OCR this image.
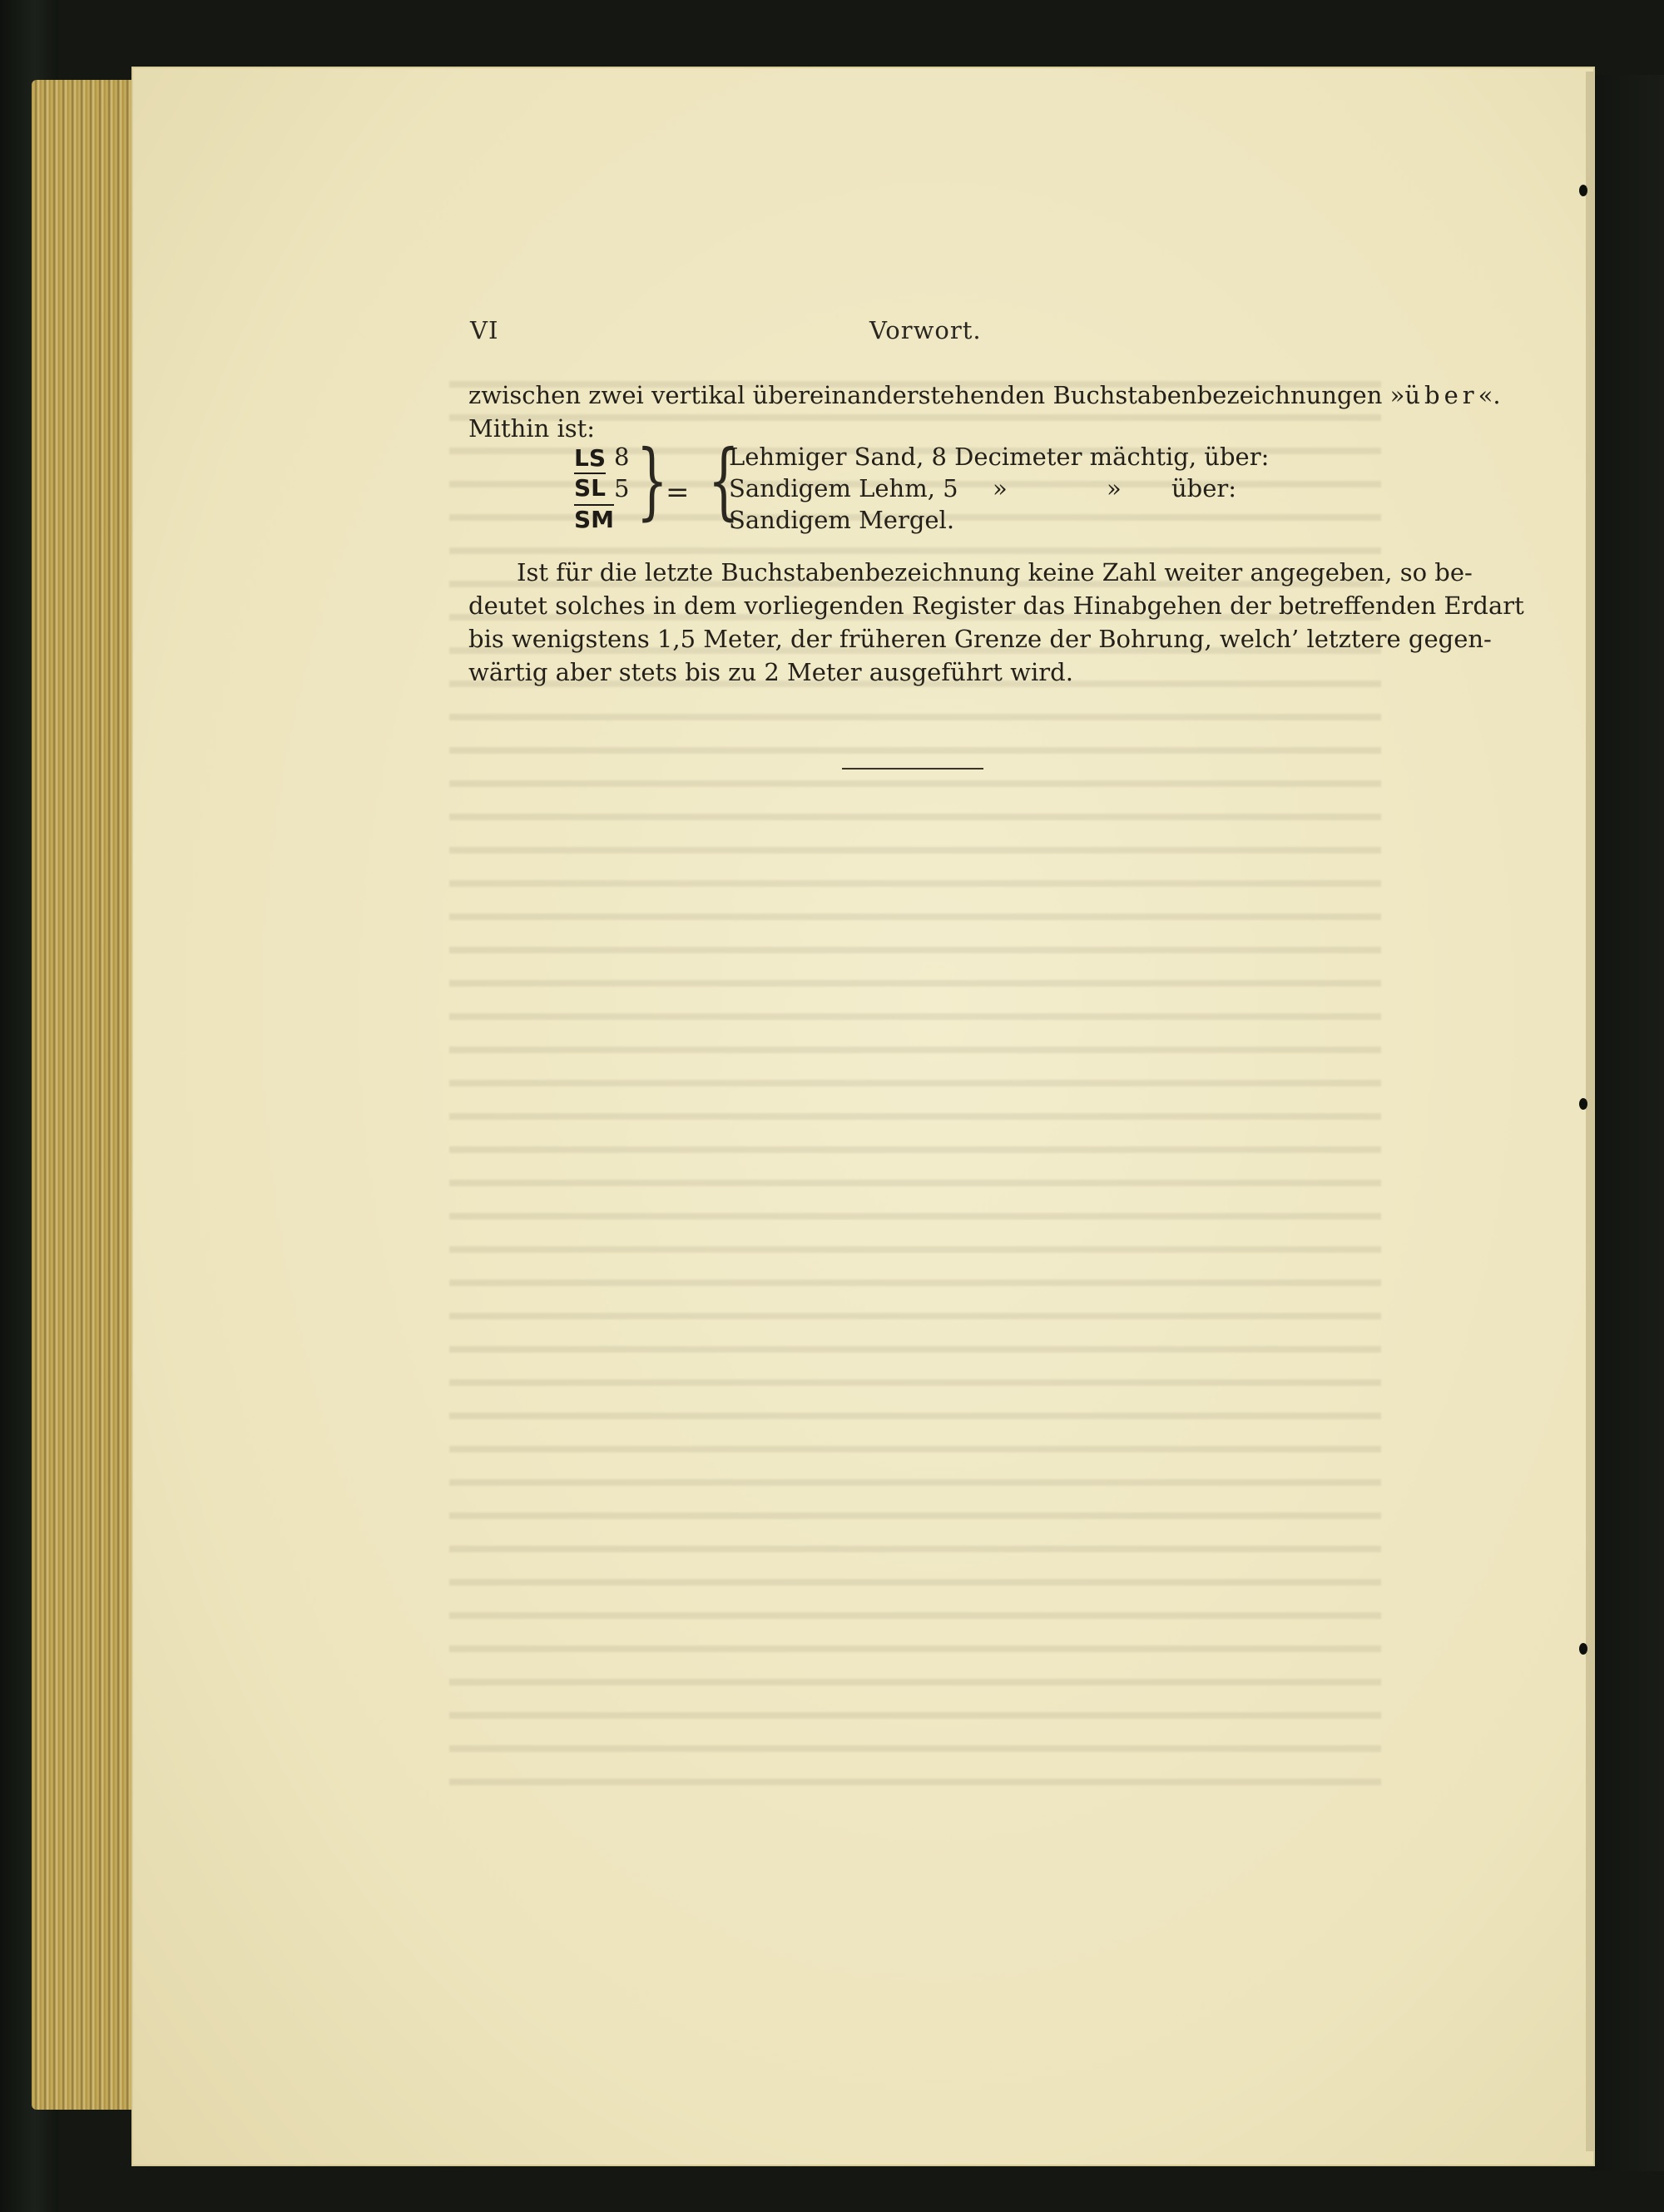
VI	Vorwort.
zwischen zwei vertikal übereinanderstehenden Buchstabenbezeichnungen »über«.
Mithin ist:
LS 8
SL 5
SM }
= {
Lehmiger Sand, 8 Decimeter mächtig, über:
Sandigem Lehm, 5 »	» über:
Sandigem Mergel.
Ist für die letzte Buchstabenbezeichnung keine Zahl weiter angegeben, so be-
deutet solches in dem vorliegenden Register das Hinabgehen der betreffenden Erdart
bis wenigstens 1,5 Meter, der früheren Grenze der Bohrung, welch’ letztere gegen-
wärtig aber stets bis zu 2 Meter ausgeführt wird.
